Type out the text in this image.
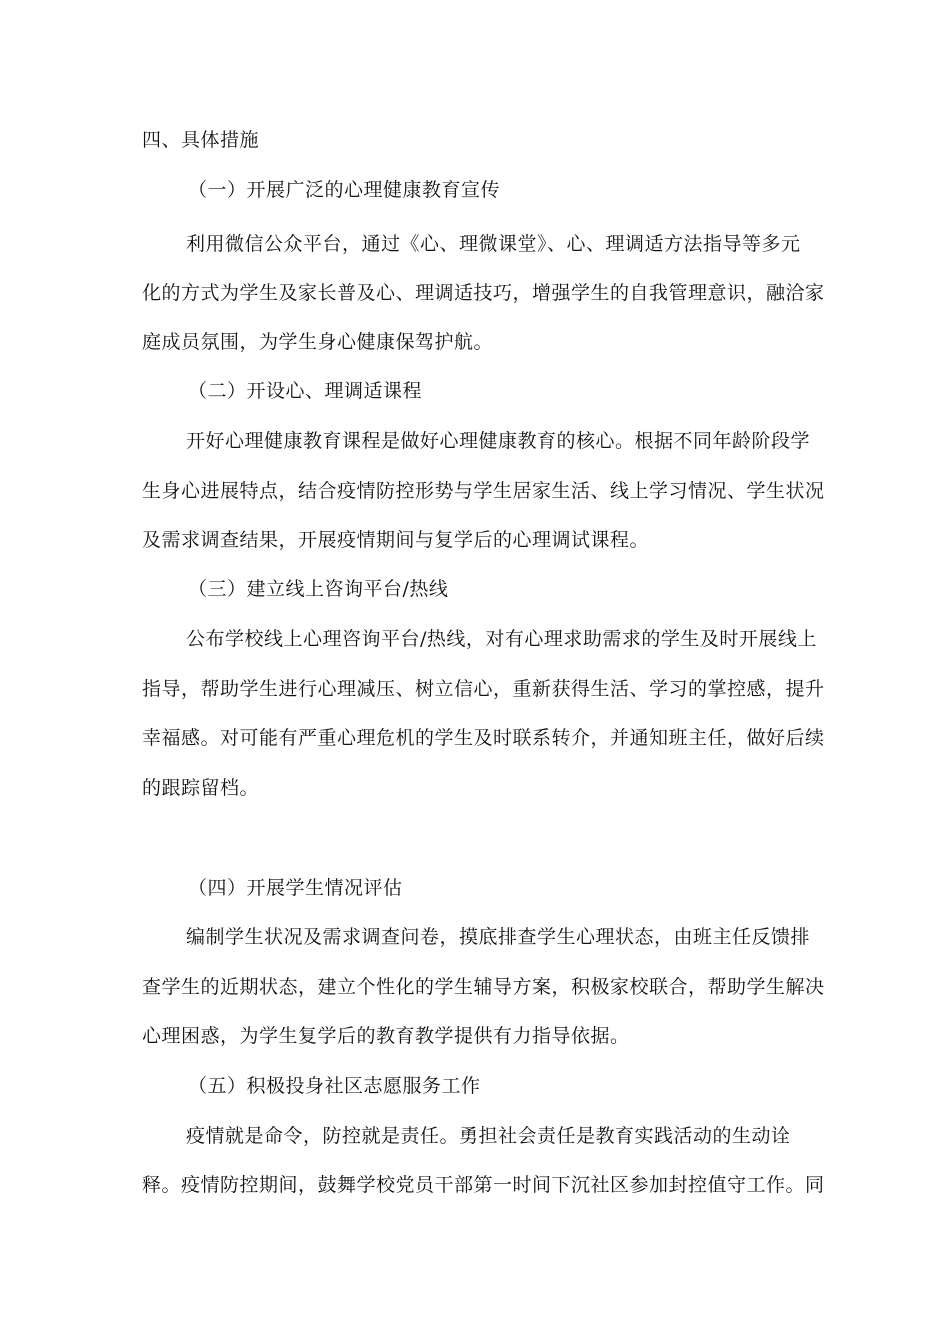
四、具体措施
（一）开展广泛的心理健康教育宣传
利用微信公众平台，通过《心、理微课堂》、心、理调适方法指导等多元
化的方式为学生及家长普及心、理调适技巧，增强学生的自我管理意识，融洽家
庭成员氛围，为学生身心健康保驾护航。
（二）开设心、理调适课程
开好心理健康教育课程是做好心理健康教育的核心。根据不同年龄阶段学
生身心进展特点，结合疫情防控形势与学生居家生活、线上学习情况、学生状况
及需求调查结果，开展疫情期间与复学后的心理调试课程。
（三）建立线上咨询平台/热线
公布学校线上心理咨询平台/热线，对有心理求助需求的学生及时开展线上
指导，帮助学生进行心理减压、树立信心，重新获得生活、学习的掌控感，提升
幸福感。对可能有严重心理危机的学生及时联系转介，并通知班主任，做好后续
的跟踪留档。
（四）开展学生情况评估
编制学生状况及需求调查问卷，摸底排查学生心理状态，由班主任反馈排
查学生的近期状态，建立个性化的学生辅导方案，积极家校联合，帮助学生解决
心理困惑，为学生复学后的教育教学提供有力指导依据。
（五）积极投身社区志愿服务工作
疫情就是命令，防控就是责任。勇担社会责任是教育实践活动的生动诠
释。疫情防控期间，鼓舞学校党员干部第一时间下沉社区参加封控值守工作。同
